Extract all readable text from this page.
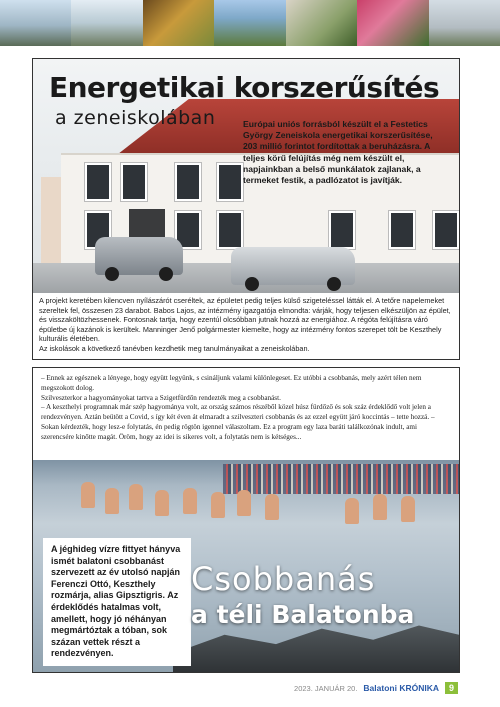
Energetikai korszerűsítés
a zeneiskolában	Európai uniós forrásból készült el a Festetics György Zeneiskola energetikai korszerűsítése, 203 millió forintot fordítottak a beruházásra. A teljes körű felújítás még nem készült el, napjainkban a belső munkálatok zajlanak, a termeket festik, a padlózatot is javítják.
A projekt keretében kilencven nyílászárót cseréltek, az épületet pedig teljes külső szigeteléssel látták el. A tetőre napelemeket szereltek fel, összesen 23 darabot. Babos Lajos, az intézmény igazgatója elmondta: várják, hogy teljesen elkészüljön az épület, és visszaköltözhessenek. Fontosnak tartja, hogy ezentúl olcsóbban jutnak hozzá az energiához. A régóta felújításra váró épületbe új kazánok is kerültek. Manninger Jenő polgármester kiemelte, hogy az intézmény fontos szerepet tölt be Keszthely kulturális életében.
Az iskolások a következő tanévben kezdhetik meg tanulmányaikat a zeneiskolában.
– Ennek az egésznek a lényege, hogy együtt legyünk, s csináljunk valami különlegeset. Ez utóbbi a csobbanás, mely azért télen nem megszokott dolog.
Szilveszterkor a hagyományokat tartva a Szigetfürdőn rendezték meg a csobbanást.
– A keszthelyi programnak már szép hagyománya volt, az ország számos részéből közel húsz fürdőző és sok száz érdeklődő volt jelen a rendezvényen. Aztán beütött a Covid, s így két éven át elmaradt a szilveszteri csobbanás és az ezzel együtt járó koccintás – tette hozzá. – Sokan kérdezték, hogy lesz-e folytatás, én pedig rögtön igennel válaszoltam. Ez a program egy laza baráti találkozónak indult, ami szerencsére kinőtte magát. Öröm, hogy az idei is sikeres volt, a folytatás nem is kétséges...
A jéghideg vízre fittyet hányva ismét balatoni csobbanást szervezett az év utolsó napján Ferenczi Ottó, Keszthely rozmárja, alias Gipsztigris. Az érdeklődés hatalmas volt, amellett, hogy jó néhányan megmártóztak a tóban, sok százan vettek részt a rendezvényen.
Csobbanás
a téli Balatonba
2023. JANUÁR 20. Balatoni KRÓNIKA	9
